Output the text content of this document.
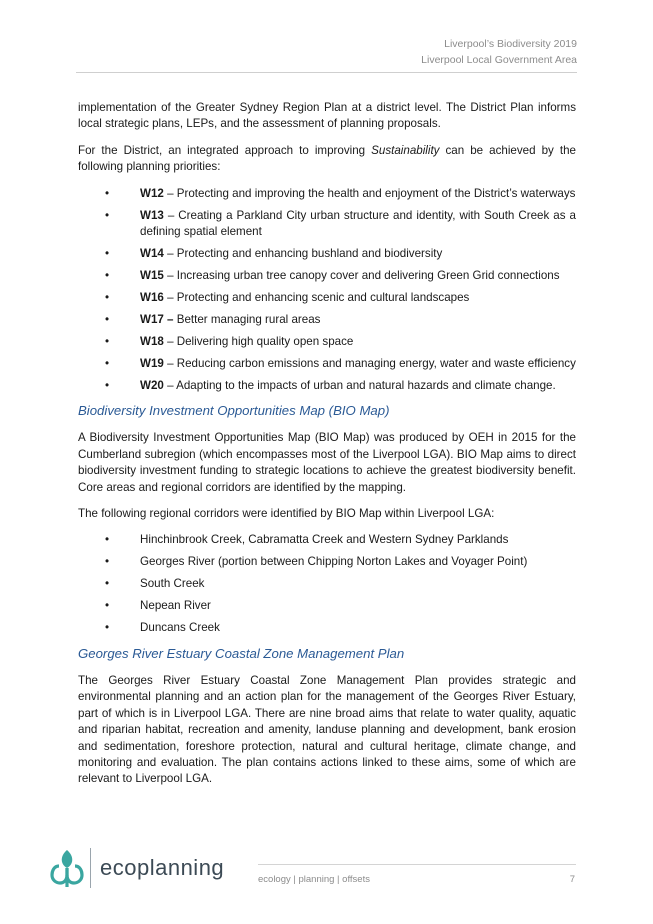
Liverpool’s Biodiversity 2019
Liverpool Local Government Area

implementation of the Greater Sydney Region Plan at a district level. The District Plan informs local strategic plans, LEPs, and the assessment of planning proposals.

For the District, an integrated approach to improving Sustainability can be achieved by the following planning priorities:

•	W12 – Protecting and improving the health and enjoyment of the District’s waterways
•	W13 – Creating a Parkland City urban structure and identity, with South Creek as a defining spatial element
•	W14 – Protecting and enhancing bushland and biodiversity
•	W15 – Increasing urban tree canopy cover and delivering Green Grid connections
•	W16 – Protecting and enhancing scenic and cultural landscapes
•	W17 – Better managing rural areas
•	W18 – Delivering high quality open space
•	W19 – Reducing carbon emissions and managing energy, water and waste efficiency
•	W20 – Adapting to the impacts of urban and natural hazards and climate change.
Biodiversity Investment Opportunities Map (BIO Map)

A Biodiversity Investment Opportunities Map (BIO Map) was produced by OEH in 2015 for the Cumberland subregion (which encompasses most of the Liverpool LGA). BIO Map aims to direct biodiversity investment funding to strategic locations to achieve the greatest biodiversity benefit. Core areas and regional corridors are identified by the mapping.

The following regional corridors were identified by BIO Map within Liverpool LGA:

•	Hinchinbrook Creek, Cabramatta Creek and Western Sydney Parklands
•	Georges River (portion between Chipping Norton Lakes and Voyager Point)
•	South Creek
•	Nepean River
•	Duncans Creek
Georges River Estuary Coastal Zone Management Plan

The Georges River Estuary Coastal Zone Management Plan provides strategic and environmental planning and an action plan for the management of the Georges River Estuary, part of which is in Liverpool LGA. There are nine broad aims that relate to water quality, aquatic and riparian habitat, recreation and amenity, landuse planning and development, bank erosion and sedimentation, foreshore protection, natural and cultural heritage, climate change, and monitoring and evaluation. The plan contains actions linked to these aims, some of which are relevant to Liverpool LGA.

ecoplanning	ecology | planning | offsets	7
